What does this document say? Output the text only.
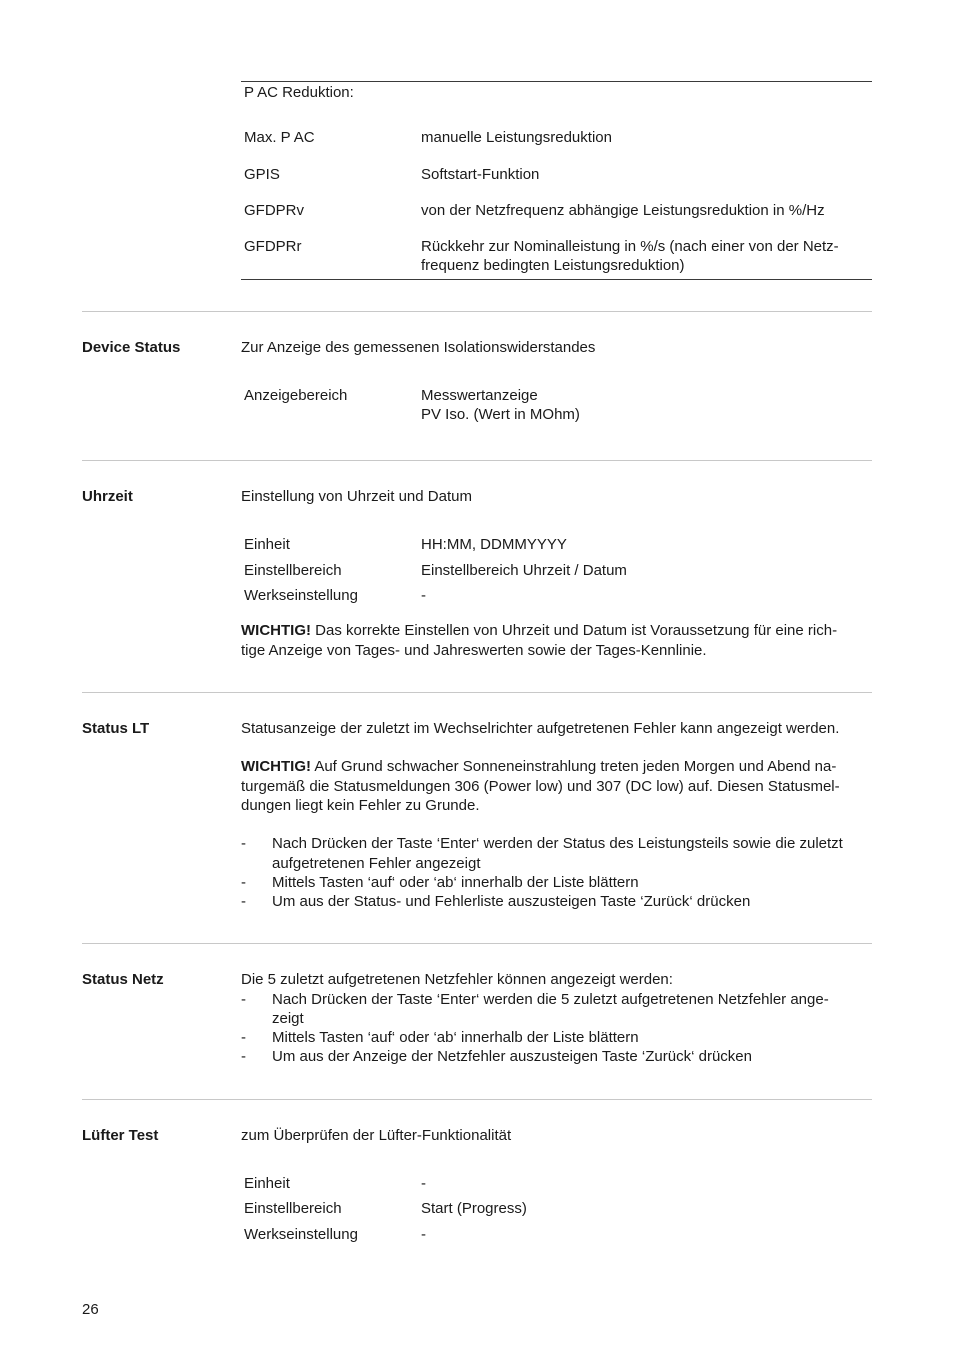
P AC Reduktion:
Max. P AC	manuelle Leistungsreduktion
GPIS	Softstart-Funktion
GFDPRv	von der Netzfrequenz abhängige Leistungsreduktion in %/Hz
GFDPRr	Rückkehr zur Nominalleistung in %/s (nach einer von der Netz-
frequenz bedingten Leistungsreduktion)
Device Status	Zur Anzeige des gemessenen Isolationswiderstandes
Anzeigebereich	Messwertanzeige
PV Iso. (Wert in MOhm)
Uhrzeit	Einstellung von Uhrzeit und Datum
Einheit	HH:MM, DDMMYYYY
Einstellbereich	Einstellbereich Uhrzeit / Datum
Werkseinstellung	-
WICHTIG! Das korrekte Einstellen von Uhrzeit und Datum ist Voraussetzung für eine rich-
tige Anzeige von Tages- und Jahreswerten sowie der Tages-Kennlinie.
Status LT	Statusanzeige der zuletzt im Wechselrichter aufgetretenen Fehler kann angezeigt werden.
WICHTIG! Auf Grund schwacher Sonneneinstrahlung treten jeden Morgen und Abend na-
turgemäß die Statusmeldungen 306 (Power low) und 307 (DC low) auf. Diesen Statusmel-
dungen liegt kein Fehler zu Grunde.
- Nach Drücken der Taste ‘Enter‘ werden der Status des Leistungsteils sowie die zuletzt
aufgetretenen Fehler angezeigt
- Mittels Tasten ‘auf‘ oder ‘ab‘ innerhalb der Liste blättern
- Um aus der Status- und Fehlerliste auszusteigen Taste ‘Zurück‘ drücken
Status Netz	Die 5 zuletzt aufgetretenen Netzfehler können angezeigt werden:
- Nach Drücken der Taste ‘Enter‘ werden die 5 zuletzt aufgetretenen Netzfehler ange-
zeigt
- Mittels Tasten ‘auf‘ oder ‘ab‘ innerhalb der Liste blättern
- Um aus der Anzeige der Netzfehler auszusteigen Taste ‘Zurück‘ drücken
Lüfter Test	zum Überprüfen der Lüfter-Funktionalität
Einheit	-
Einstellbereich	Start (Progress)
Werkseinstellung	-
26
